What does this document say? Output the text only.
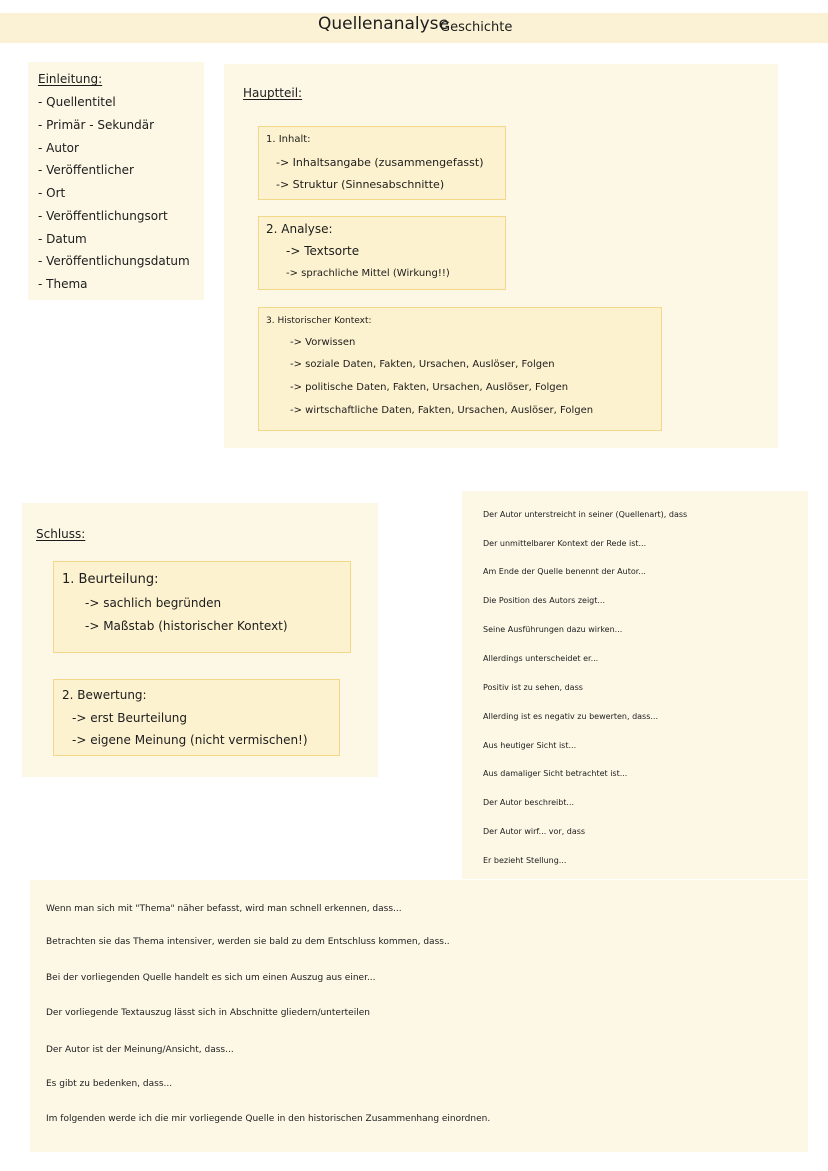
Quellenanalyse
Geschichte
Einleitung:
- Quellentitel
- Primär - Sekundär
- Autor
- Veröffentlicher
- Ort
- Veröffentlichungsort
- Datum
- Veröffentlichungsdatum
- Thema
Hauptteil:
1. Inhalt:
-> Inhaltsangabe (zusammengefasst)
-> Struktur (Sinnesabschnitte)
2. Analyse:
-> Textsorte
-> sprachliche Mittel (Wirkung!!)
3. Historischer Kontext:
-> Vorwissen
-> soziale Daten, Fakten, Ursachen, Auslöser, Folgen
-> politische Daten, Fakten, Ursachen, Auslöser, Folgen
-> wirtschaftliche Daten, Fakten, Ursachen, Auslöser, Folgen
Schluss:
1. Beurteilung:
-> sachlich begründen
-> Maßstab (historischer Kontext)
2. Bewertung:
-> erst Beurteilung
-> eigene Meinung (nicht vermischen!)
Der Autor unterstreicht in seiner (Quellenart), dass
Der unmittelbarer Kontext der Rede ist...
Am Ende der Quelle benennt der Autor...
Die Position des Autors zeigt...
Seine Ausführungen dazu wirken...
Allerdings unterscheidet er...
Positiv ist zu sehen, dass
Allerding ist es negativ zu bewerten, dass...
Aus heutiger Sicht ist...
Aus damaliger Sicht betrachtet ist...
Der Autor beschreibt...
Der Autor wirf... vor, dass
Er bezieht Stellung...
Wenn man sich mit "Thema" näher befasst, wird man schnell erkennen, dass...
Betrachten sie das Thema intensiver, werden sie bald zu dem Entschluss kommen, dass..
Bei der vorliegenden Quelle handelt es sich um einen Auszug aus einer...
Der vorliegende Textauszug lässt sich in Abschnitte gliedern/unterteilen
Der Autor ist der Meinung/Ansicht, dass...
Es gibt zu bedenken, dass...
Im folgenden werde ich die mir vorliegende Quelle in den historischen Zusammenhang einordnen.
